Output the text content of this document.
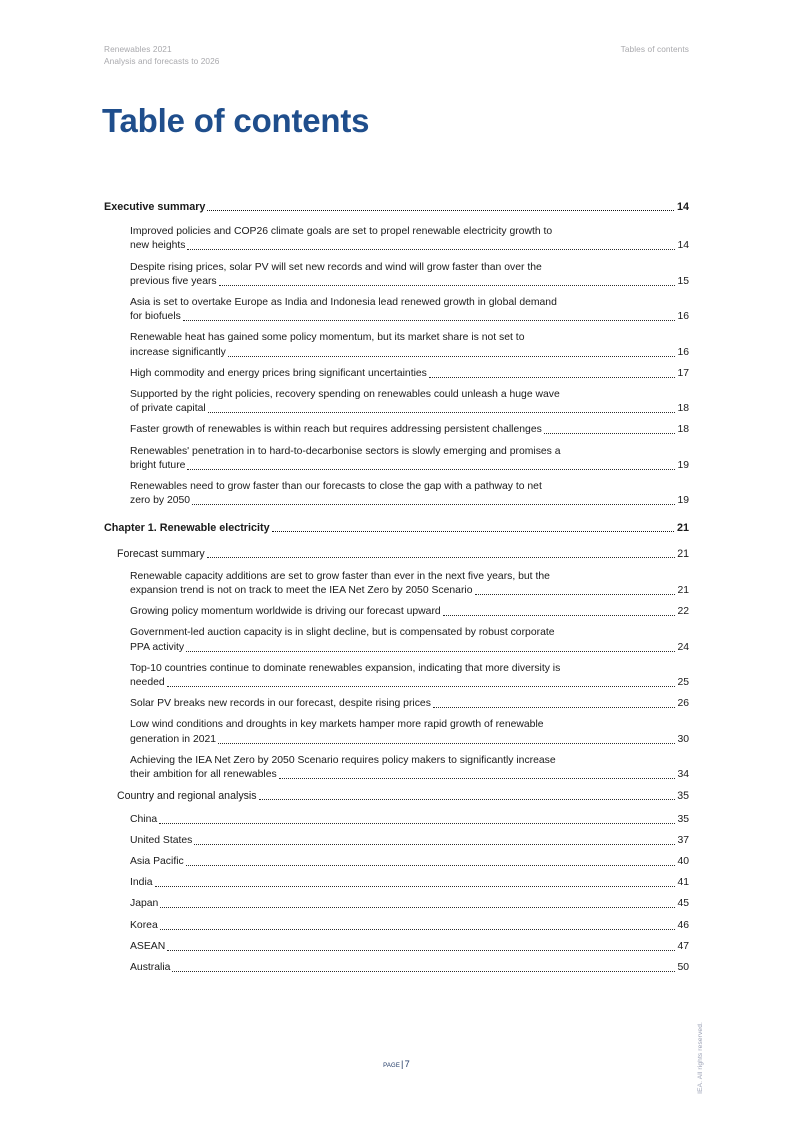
Renewables 2021
Analysis and forecasts to 2026
Tables of contents
Table of contents
Executive summary	14
Improved policies and COP26 climate goals are set to propel renewable electricity growth to
new heights	14
Despite rising prices, solar PV will set new records and wind will grow faster than over the
previous five years	15
Asia is set to overtake Europe as India and Indonesia lead renewed growth in global demand
for biofuels	16
Renewable heat has gained some policy momentum, but its market share is not set to
increase significantly	16
High commodity and energy prices bring significant uncertainties	17
Supported by the right policies, recovery spending on renewables could unleash a huge wave
of private capital	18
Faster growth of renewables is within reach but requires addressing persistent challenges	18
Renewables' penetration in to hard-to-decarbonise sectors is slowly emerging and promises a
bright future	19
Renewables need to grow faster than our forecasts to close the gap with a pathway to net
zero by 2050	19
Chapter 1. Renewable electricity	21
Forecast summary	21
Renewable capacity additions are set to grow faster than ever in the next five years, but the
expansion trend is not on track to meet the IEA Net Zero by 2050 Scenario	21
Growing policy momentum worldwide is driving our forecast upward	22
Government-led auction capacity is in slight decline, but is compensated by robust corporate
PPA activity	24
Top-10 countries continue to dominate renewables expansion, indicating that more diversity is
needed	25
Solar PV breaks new records in our forecast, despite rising prices	26
Low wind conditions and droughts in key markets hamper more rapid growth of renewable
generation in 2021	30
Achieving the IEA Net Zero by 2050 Scenario requires policy makers to significantly increase
their ambition for all renewables	34
Country and regional analysis	35
China	35
United States	37
Asia Pacific	40
India	41
Japan	45
Korea	46
ASEAN	47
Australia	50
page|7	IEA. All rights reserved.
